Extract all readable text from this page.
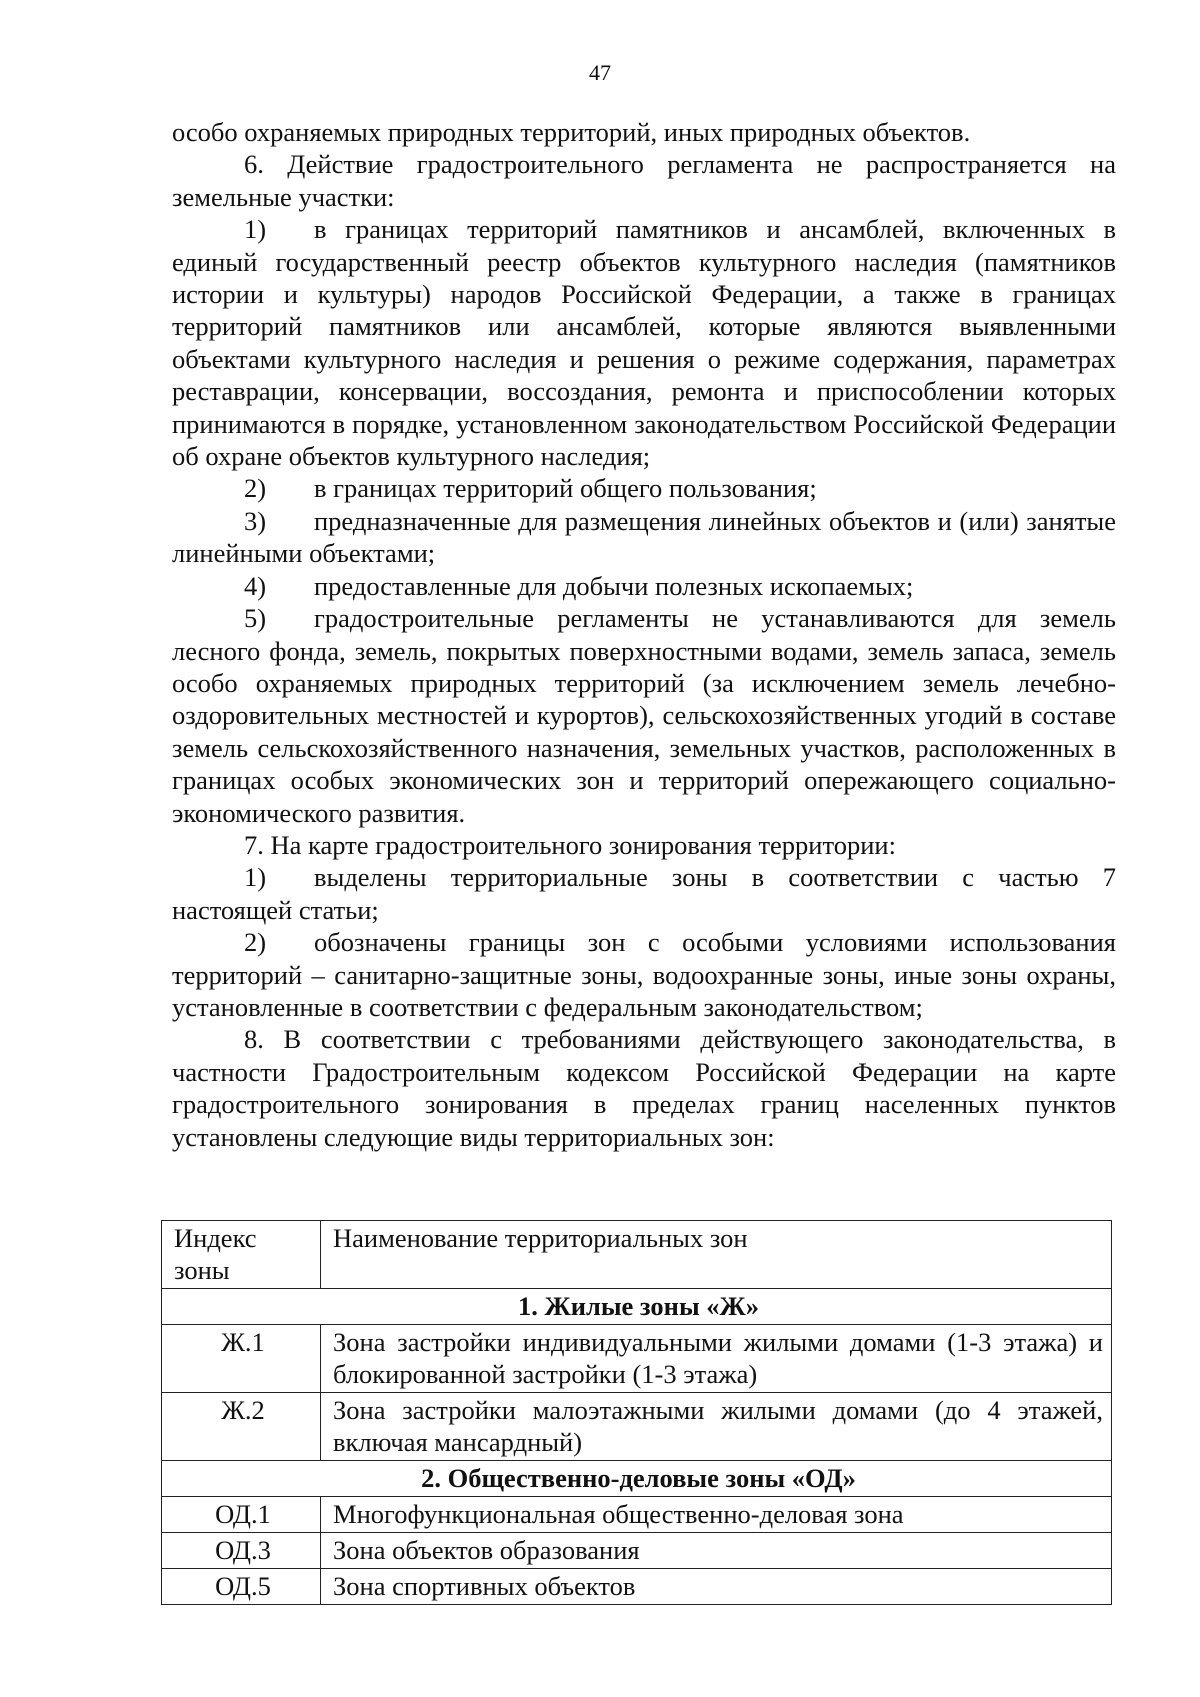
47

особо охраняемых природных территорий, иных природных объектов.

6. Действие градостроительного регламента не распространяется на земельные участки:

1) в границах территорий памятников и ансамблей, включенных в единый государственный реестр объектов культурного наследия (памятников истории и культуры) народов Российской Федерации, а также в границах территорий памятников или ансамблей, которые являются выявленными объектами культурного наследия и решения о режиме содержания, параметрах реставрации, консервации, воссоздания, ремонта и приспособлении которых принимаются в порядке, установленном законодательством Российской Федерации об охране объектов культурного наследия;

2) в границах территорий общего пользования;

3) предназначенные для размещения линейных объектов и (или) занятые линейными объектами;

4) предоставленные для добычи полезных ископаемых;

5) градостроительные регламенты не устанавливаются для земель лесного фонда, земель, покрытых поверхностными водами, земель запаса, земель особо охраняемых природных территорий (за исключением земель лечебно-оздоровительных местностей и курортов), сельскохозяйственных угодий в составе земель сельскохозяйственного назначения, земельных участков, расположенных в границах особых экономических зон и территорий опережающего социально-экономического развития.

7. На карте градостроительного зонирования территории:

1) выделены территориальные зоны в соответствии с частью 7 настоящей статьи;

2) обозначены границы зон с особыми условиями использования территорий – санитарно-защитные зоны, водоохранные зоны, иные зоны охраны, установленные в соответствии с федеральным законодательством;

8. В соответствии с требованиями действующего законодательства, в частности Градостроительным кодексом Российской Федерации на карте градостроительного зонирования в пределах границ населенных пунктов установлены следующие виды территориальных зон:

Индекс зоны	Наименование территориальных зон
1. Жилые зоны «Ж»	
Ж.1	Зона застройки индивидуальными жилыми домами (1-3 этажа) и блокированной застройки (1-3 этажа)
Ж.2	Зона застройки малоэтажными жилыми домами (до 4 этажей, включая мансардный)
2. Общественно-деловые зоны «ОД»	
ОД.1	Многофункциональная общественно-деловая зона
ОД.3	Зона объектов образования
ОД.5	Зона спортивных объектов
